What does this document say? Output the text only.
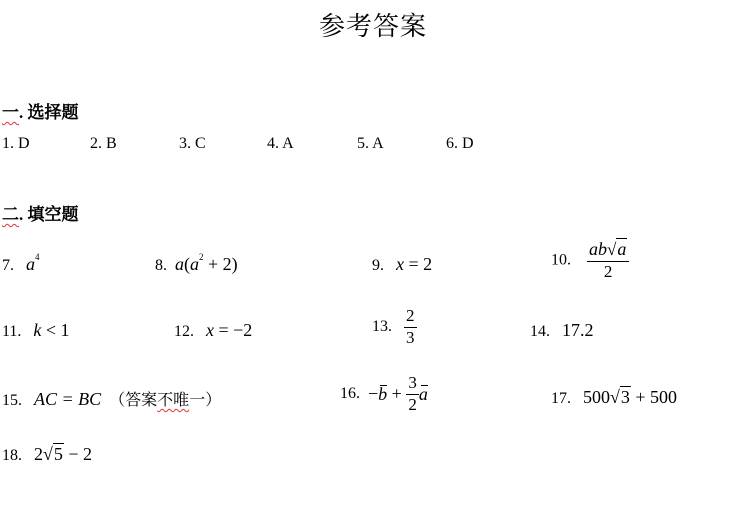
参考答案
一. 选择题
1. D	2. B	3. C	4. A	5. A	6. D
二. 填空题
7. $a^4$	8. $a(a^2 + 2)$	9. x = 2	10. $\frac{ab√a}{2}$
11. k < 1	12. x = −2	13. $\frac{2}{3}$	14. 17.2
15. AC = BC （答案不唯一）	16. $-b + \frac{3}{2}$ a	17. 500√3 + 500
18. 2√5 − 2
